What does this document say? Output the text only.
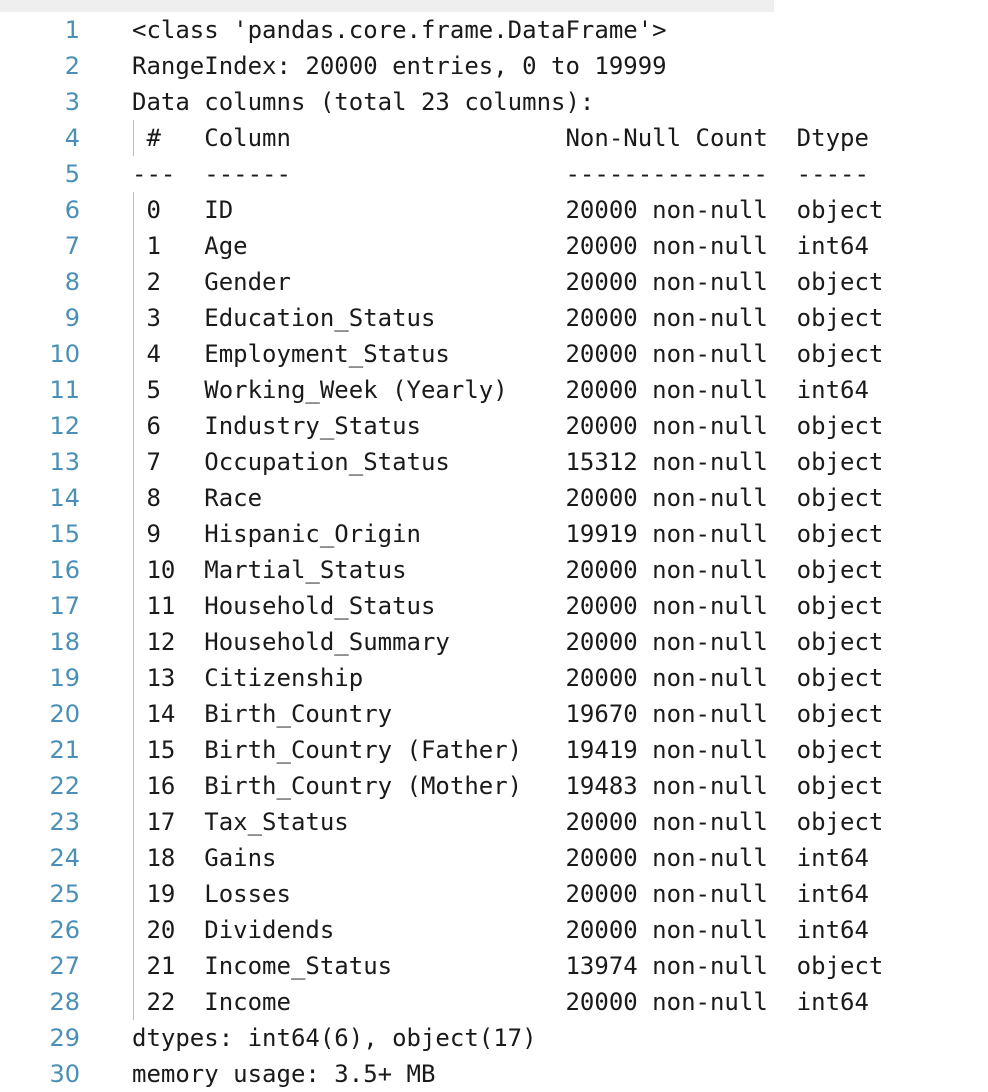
1 <class 'pandas.core.frame.DataFrame'>
2 RangeIndex: 20000 entries, 0 to 19999
3 Data columns (total 23 columns):
4 #   Column                   Non-Null Count  Dtype
5 ---  ------                   --------------  -----
6 0   ID                       20000 non-null  object
7 1   Age                      20000 non-null  int64
8 2   Gender                   20000 non-null  object
9 3   Education_Status         20000 non-null  object
10 4   Employment_Status        20000 non-null  object
11 5   Working_Week (Yearly)    20000 non-null  int64
12 6   Industry_Status          20000 non-null  object
13 7   Occupation_Status        15312 non-null  object
14 8   Race                     20000 non-null  object
15 9   Hispanic_Origin          19919 non-null  object
16 10  Martial_Status           20000 non-null  object
17 11  Household_Status         20000 non-null  object
18 12  Household_Summary        20000 non-null  object
19 13  Citizenship              20000 non-null  object
20 14  Birth_Country            19670 non-null  object
21 15  Birth_Country (Father)   19419 non-null  object
22 16  Birth_Country (Mother)   19483 non-null  object
23 17  Tax_Status               20000 non-null  object
24 18  Gains                    20000 non-null  int64
25 19  Losses                   20000 non-null  int64
26 20  Dividends                20000 non-null  int64
27 21  Income_Status            13974 non-null  object
28 22  Income                   20000 non-null  int64
29 dtypes: int64(6), object(17)
30 memory usage: 3.5+ MB
